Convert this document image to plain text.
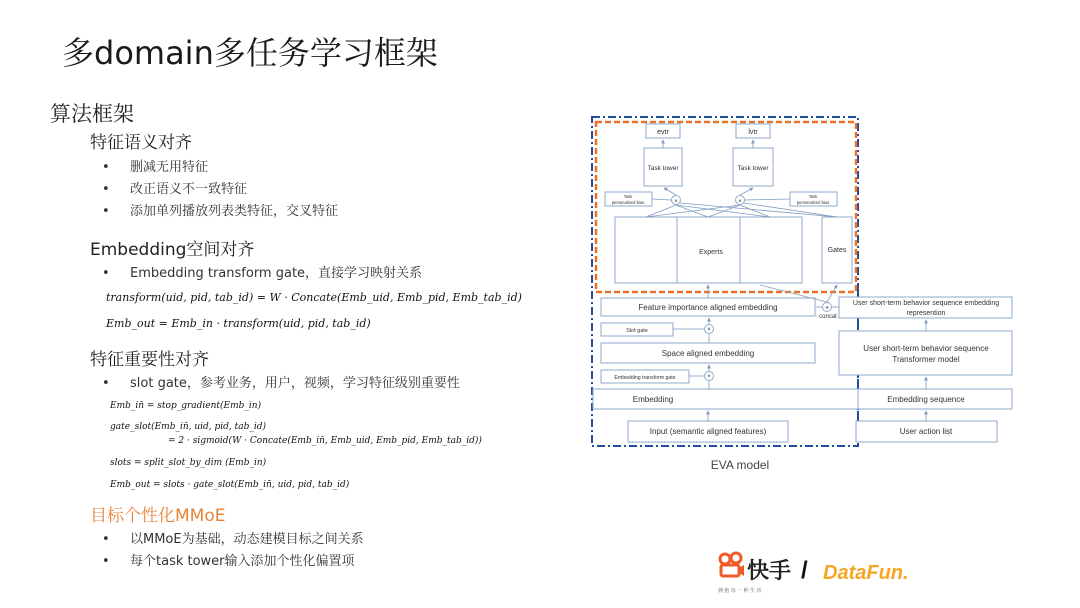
多domain多任务学习框架
算法框架
特征语义对齐
• 删减无用特征
• 改正语义不一致特征
• 添加单列播放列表类特征，交叉特征
Embedding空间对齐
• Embedding transform gate，直接学习映射关系
transform(uid, pid, tab_id) = W · Concate(Emb_uid, Emb_pid, Emb_tab_id)
Emb_out = Emb_in · transform(uid, pid, tab_id)
特征重要性对齐
• slot gate，参考业务，用户，视频，学习特征级别重要性
Emb_in̄ = stop_gradient(Emb_in)
gate_slot(Emb_in̄, uid, pid, tab_id)
= 2 · sigmoid(W · Concate(Emb_in̄, Emb_uid, Emb_pid, Emb_tab_id))
slots = split_slot_by_dim (Emb_in)
Emb_out = slots · gate_slot(Emb_in̄, uid, pid, tab_id)
目标个性化MMoE
• 以MMoE为基础，动态建模目标之间关系
• 每个task tower输入添加个性化偏置项
evtr	lvtr
Task tower	Task tower
Task
personalized bias
Task
personalized bias
×	×
Experts	Gates
Feature importance aligned embedding	+
concat
User short-term behavior sequence embedding
represention
Slot gate	×
Space aligned embedding
User short-term behavior sequence
Transformer model
Embedding transform gate	×
Embedding	Embedding sequence
Input (semantic aligned features)	User action list
EVA model
快手 / DataFun.
拥 抱 每 一 种 生 活
